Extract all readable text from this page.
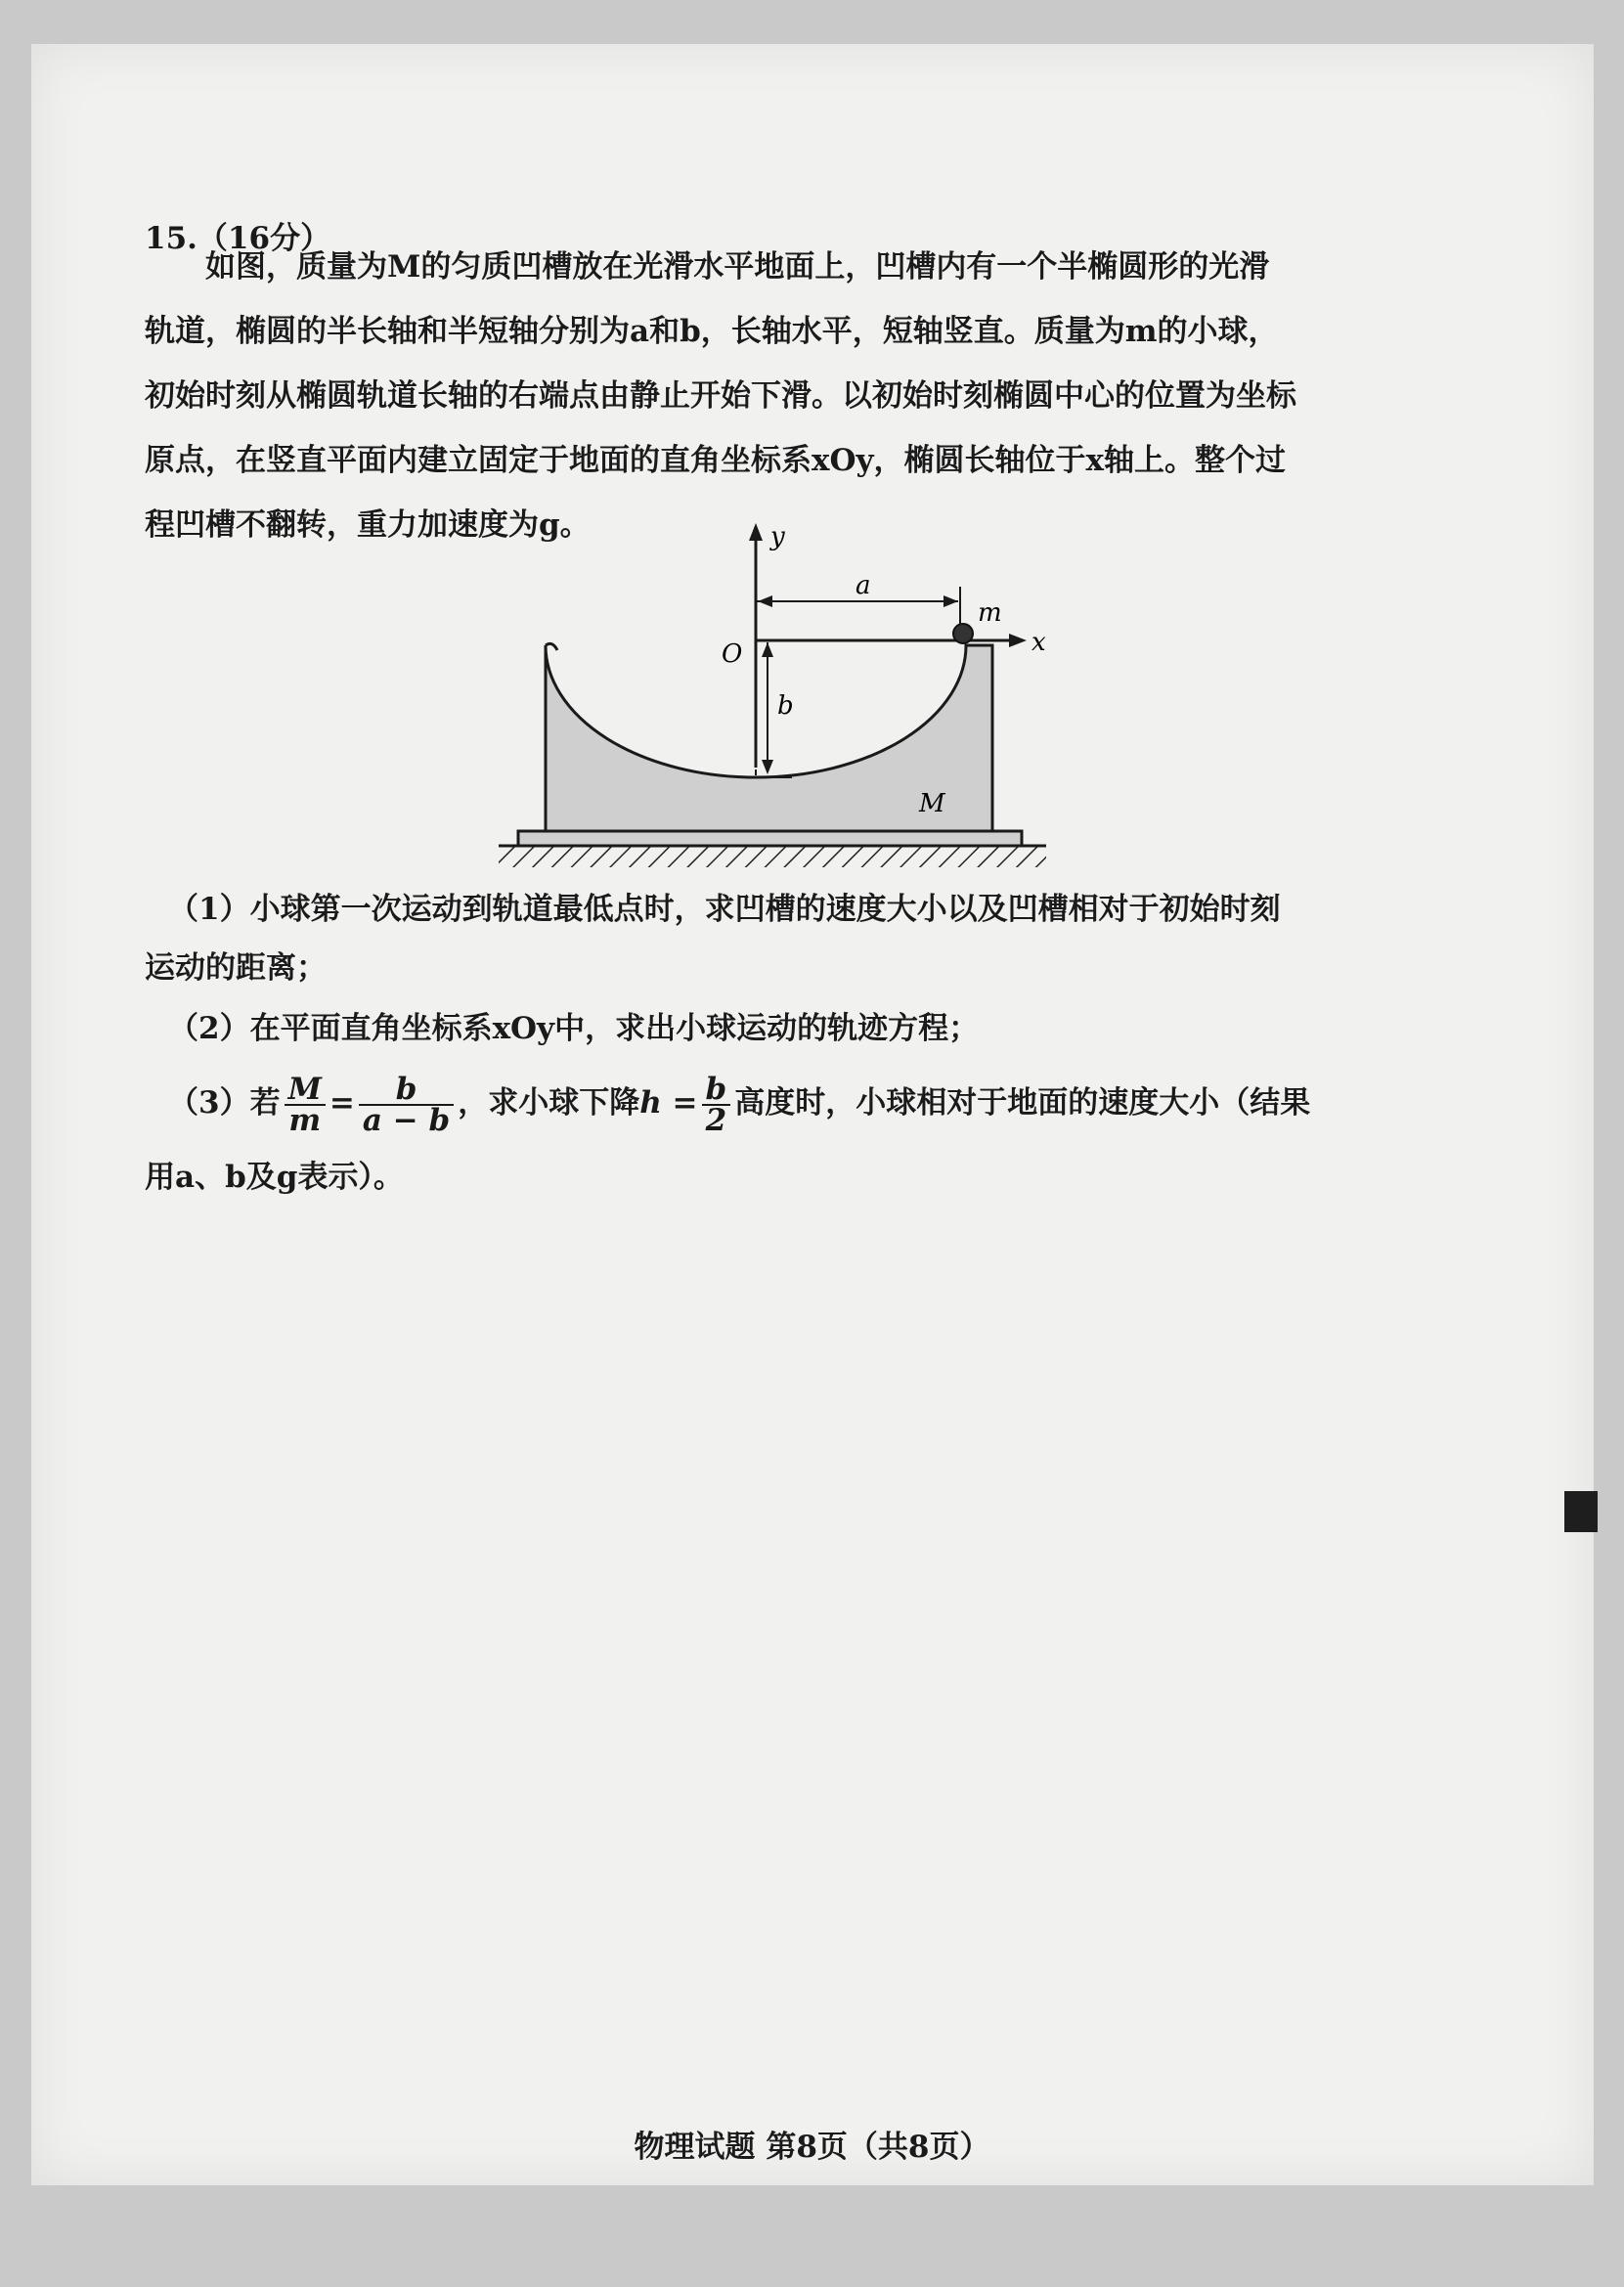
15.（16分）

如图，质量为M的匀质凹槽放在光滑水平地面上，凹槽内有一个半椭圆形的光滑

轨道，椭圆的半长轴和半短轴分别为a和b，长轴水平，短轴竖直。质量为m的小球，

初始时刻从椭圆轨道长轴的右端点由静止开始下滑。以初始时刻椭圆中心的位置为坐标

原点，在竖直平面内建立固定于地面的直角坐标系xOy，椭圆长轴位于x轴上。整个过

程凹槽不翻转，重力加速度为g。	y
x
O
a
m
b
M

（1）小球第一次运动到轨道最低点时，求凹槽的速度大小以及凹槽相对于初始时刻

运动的距离；

（2）在平面直角坐标系xOy中，求出小球运动的轨迹方程；

（3）若 $\frac{M}{m} = \frac{b}{a - b}$ ，求小球下降$h = \frac{b}{2}$ 高度时，小球相对于地面的速度大小（结果

用a、b及g表示）。

物理试题 第8页（共8页）
